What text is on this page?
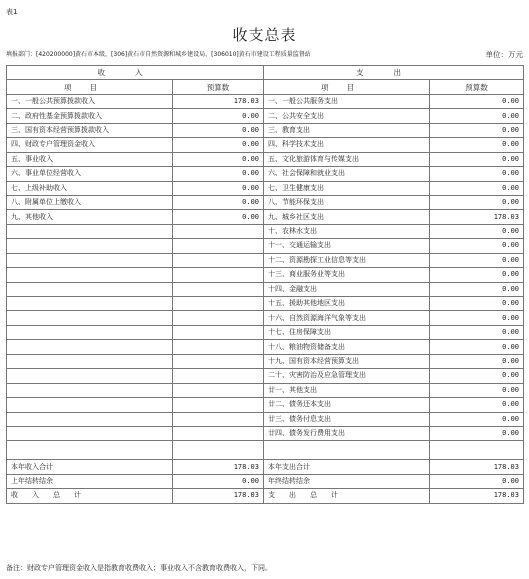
表1
收支总表
填报部门：[420200000]黄石市本级，[306]黄石市自然资源和城乡建设局，[306010]黄石市建设工程质量监督站	单位：万元
收入		支出	
项目	预算数	项目	预算数
一、一般公共预算拨款收入	178.03	一、一般公共服务支出	0.00
二、政府性基金预算拨款收入	0.00	二、公共安全支出	0.00
三、国有资本经营预算拨款收入	0.00	三、教育支出	0.00
四、财政专户管理资金收入	0.00	四、科学技术支出	0.00
五、事业收入	0.00	五、文化旅游体育与传媒支出	0.00
六、事业单位经营收入	0.00	六、社会保障和就业支出	0.00
七、上级补助收入	0.00	七、卫生健康支出	0.00
八、附属单位上缴收入	0.00	八、节能环保支出	0.00
九、其他收入	0.00	九、城乡社区支出	178.03
		十、农林水支出	0.00
		十一、交通运输支出	0.00
		十二、资源勘探工业信息等支出	0.00
		十三、商业服务业等支出	0.00
		十四、金融支出	0.00
		十五、援助其他地区支出	0.00
		十六、自然资源海洋气象等支出	0.00
		十七、住房保障支出	0.00
		十八、粮油物资储备支出	0.00
		十九、国有资本经营预算支出	0.00
		二十、灾害防治及应急管理支出	0.00
		廿一、其他支出	0.00
		廿二、债务还本支出	0.00
		廿三、债务付息支出	0.00
		廿四、债务发行费用支出	0.00

本年收入合计	178.03	本年支出合计	178.03
上年结转结余	0.00	年终结转结余	0.00
收入总计	178.03	支出总计	178.03
备注：财政专户管理资金收入是指教育收费收入；事业收入不含教育收费收入，下同。
